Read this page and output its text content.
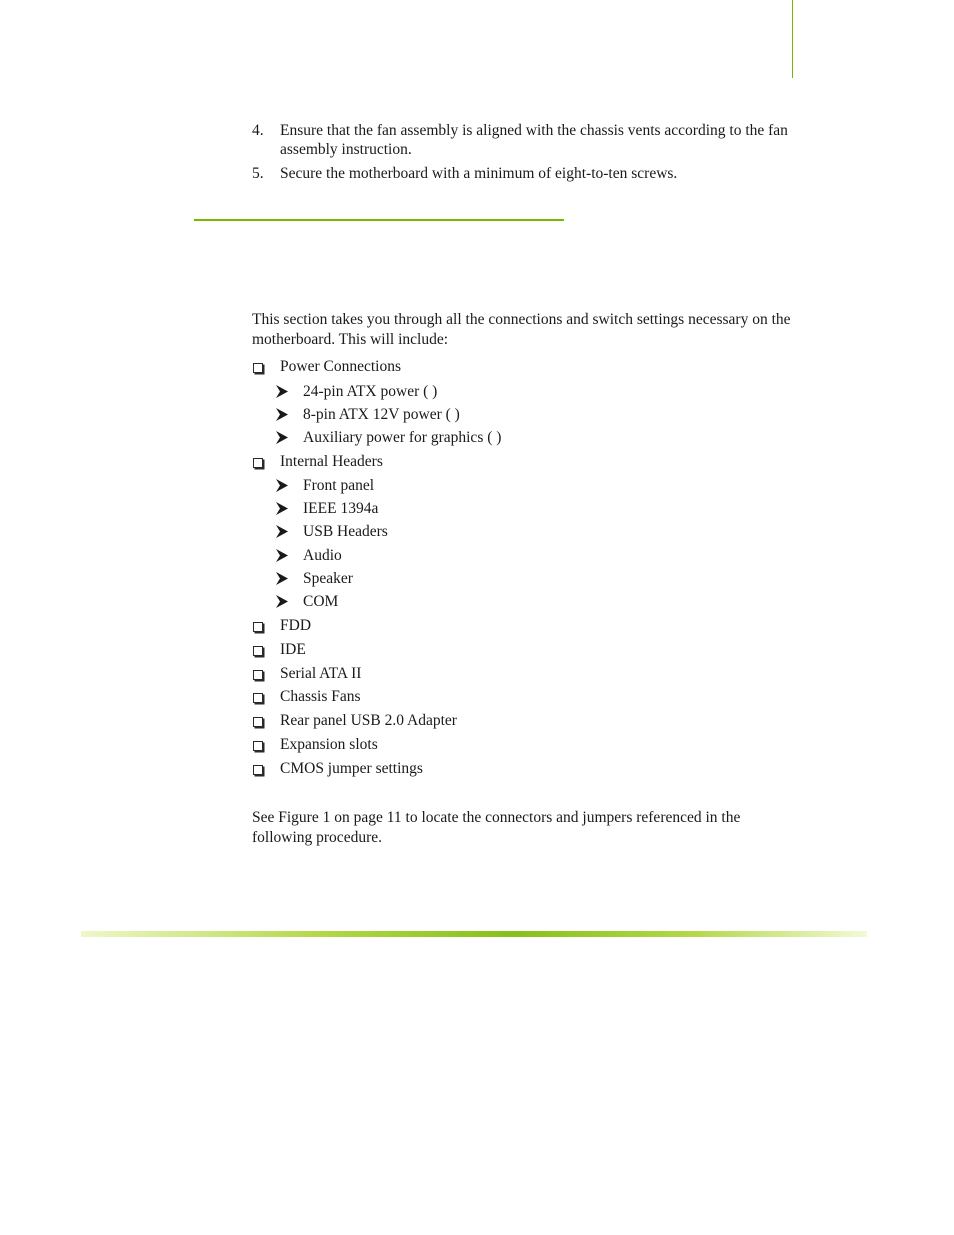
4. Ensure that the fan assembly is aligned with the chassis vents according to the fan assembly instruction.
5. Secure the motherboard with a minimum of eight-to-ten screws.
This section takes you through all the connections and switch settings necessary on the motherboard. This will include:
Power Connections
24-pin ATX power ( )
8-pin ATX 12V power ( )
Auxiliary power for graphics ( )
Internal Headers
Front panel
IEEE 1394a
USB Headers
Audio
Speaker
COM
FDD
IDE
Serial ATA II
Chassis Fans
Rear panel USB 2.0 Adapter
Expansion slots
CMOS jumper settings
See Figure 1 on page 11 to locate the connectors and jumpers referenced in the following procedure.
